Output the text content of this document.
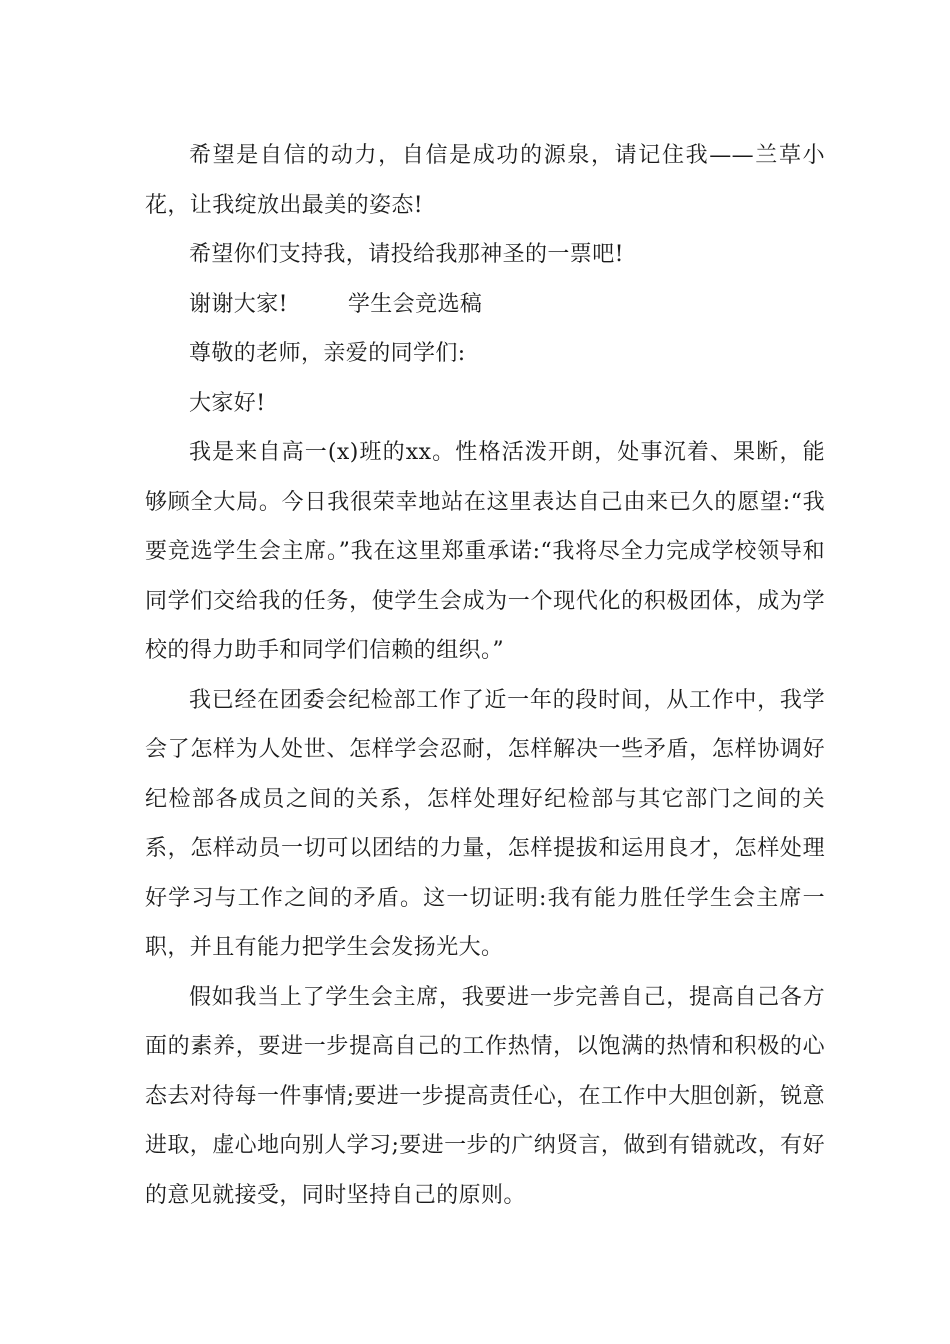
希望是自信的动力，自信是成功的源泉，请记住我——兰草小花，让我绽放出最美的姿态!

希望你们支持我，请投给我那神圣的一票吧!

谢谢大家!	学生会竞选稿

尊敬的老师，亲爱的同学们:

大家好!

我是来自高一(x)班的xx。性格活泼开朗，处事沉着、果断，能够顾全大局。今日我很荣幸地站在这里表达自己由来已久的愿望:“我要竞选学生会主席。”我在这里郑重承诺:“我将尽全力完成学校领导和同学们交给我的任务，使学生会成为一个现代化的积极团体，成为学校的得力助手和同学们信赖的组织。”

我已经在团委会纪检部工作了近一年的段时间，从工作中，我学会了怎样为人处世、怎样学会忍耐，怎样解决一些矛盾，怎样协调好纪检部各成员之间的关系，怎样处理好纪检部与其它部门之间的关系，怎样动员一切可以团结的力量，怎样提拔和运用良才，怎样处理好学习与工作之间的矛盾。这一切证明:我有能力胜任学生会主席一职，并且有能力把学生会发扬光大。

假如我当上了学生会主席，我要进一步完善自己，提高自己各方面的素养，要进一步提高自己的工作热情，以饱满的热情和积极的心态去对待每一件事情;要进一步提高责任心，在工作中大胆创新，锐意进取，虚心地向别人学习;要进一步的广纳贤言，做到有错就改，有好的意见就接受，同时坚持自己的原则。
